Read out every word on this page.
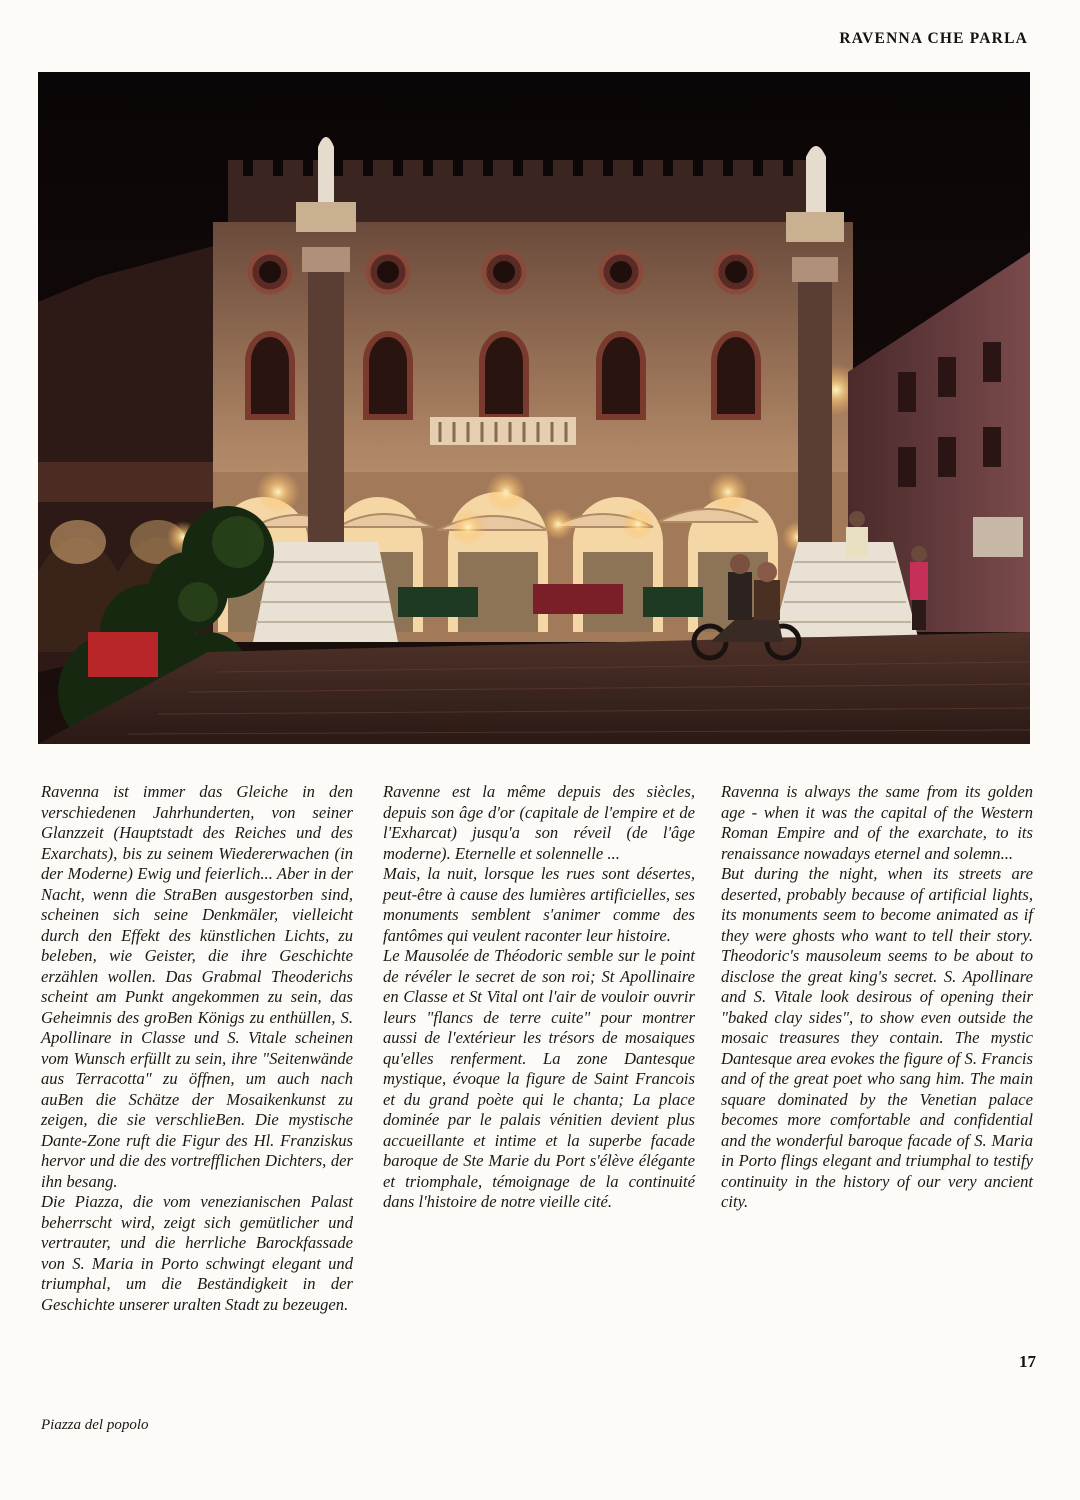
RAVENNA CHE PARLA

Ravenna ist immer das Gleiche in den verschiedenen Jahrhunderten, von seiner Glanzzeit (Hauptstadt des Reiches und des Exarchats), bis zu seinem Wiedererwachen (in der Moderne) Ewig und feierlich... Aber in der Nacht, wenn die StraBen ausgestorben sind, scheinen sich seine Denkmäler, vielleicht durch den Effekt des künstlichen Lichts, zu beleben, wie Geister, die ihre Geschichte erzählen wollen. Das Grabmal Theoderichs scheint am Punkt angekommen zu sein, das Geheimnis des groBen Königs zu enthüllen, S. Apollinare in Classe und S. Vitale scheinen vom Wunsch erfüllt zu sein, ihre "Seitenwände aus Terracotta" zu öffnen, um auch nach auBen die Schätze der Mosaikenkunst zu zeigen, die sie verschlieBen. Die mystische Dante-Zone ruft die Figur des Hl. Franziskus hervor und die des vortrefflichen Dichters, der ihn besang.

Die Piazza, die vom venezianischen Palast beherrscht wird, zeigt sich gemütlicher und vertrauter, und die herrliche Barockfassade von S. Maria in Porto schwingt elegant und triumphal, um die Beständigkeit in der Geschichte unserer uralten Stadt zu bezeugen.

Ravenne est la même depuis des siècles, depuis son âge d'or (capitale de l'empire et de l'Exharcat) jusqu'a son réveil (de l'âge moderne). Eternelle et solennelle ...

Mais, la nuit, lorsque les rues sont désertes, peut-être à cause des lumières artificielles, ses monuments semblent s'animer comme des fantômes qui veulent raconter leur histoire.

Le Mausolée de Théodoric semble sur le point de révéler le secret de son roi; St Apollinaire en Classe et St Vital ont l'air de vouloir ouvrir leurs "flancs de terre cuite" pour montrer aussi de l'extérieur les trésors de mosaiques qu'elles renferment. La zone Dantesque mystique, évoque la figure de Saint Francois et du grand poète qui le chanta; La place dominée par le palais vénitien devient plus accueillante et intime et la superbe facade baroque de Ste Marie du Port s'élève élégante et triomphale, témoignage de la continuité dans l'histoire de notre vieille cité.

Ravenna is always the same from its golden age - when it was the capital of the Western Roman Empire and of the exarchate, to its renaissance nowadays eternel and solemn...

But during the night, when its streets are deserted, probably because of artificial lights, its monuments seem to become animated as if they were ghosts who want to tell their story. Theodoric's mausoleum seems to be about to disclose the great king's secret. S. Apollinare and S. Vitale look desirous of opening their "baked clay sides", to show even outside the mosaic treasures they contain. The mystic Dantesque area evokes the figure of S. Francis and of the great poet who sang him. The main square dominated by the Venetian palace becomes more comfortable and confidential and the wonderful baroque facade of S. Maria in Porto flings elegant and triumphal to testify continuity in the history of our very ancient city.

17
Piazza del popolo
